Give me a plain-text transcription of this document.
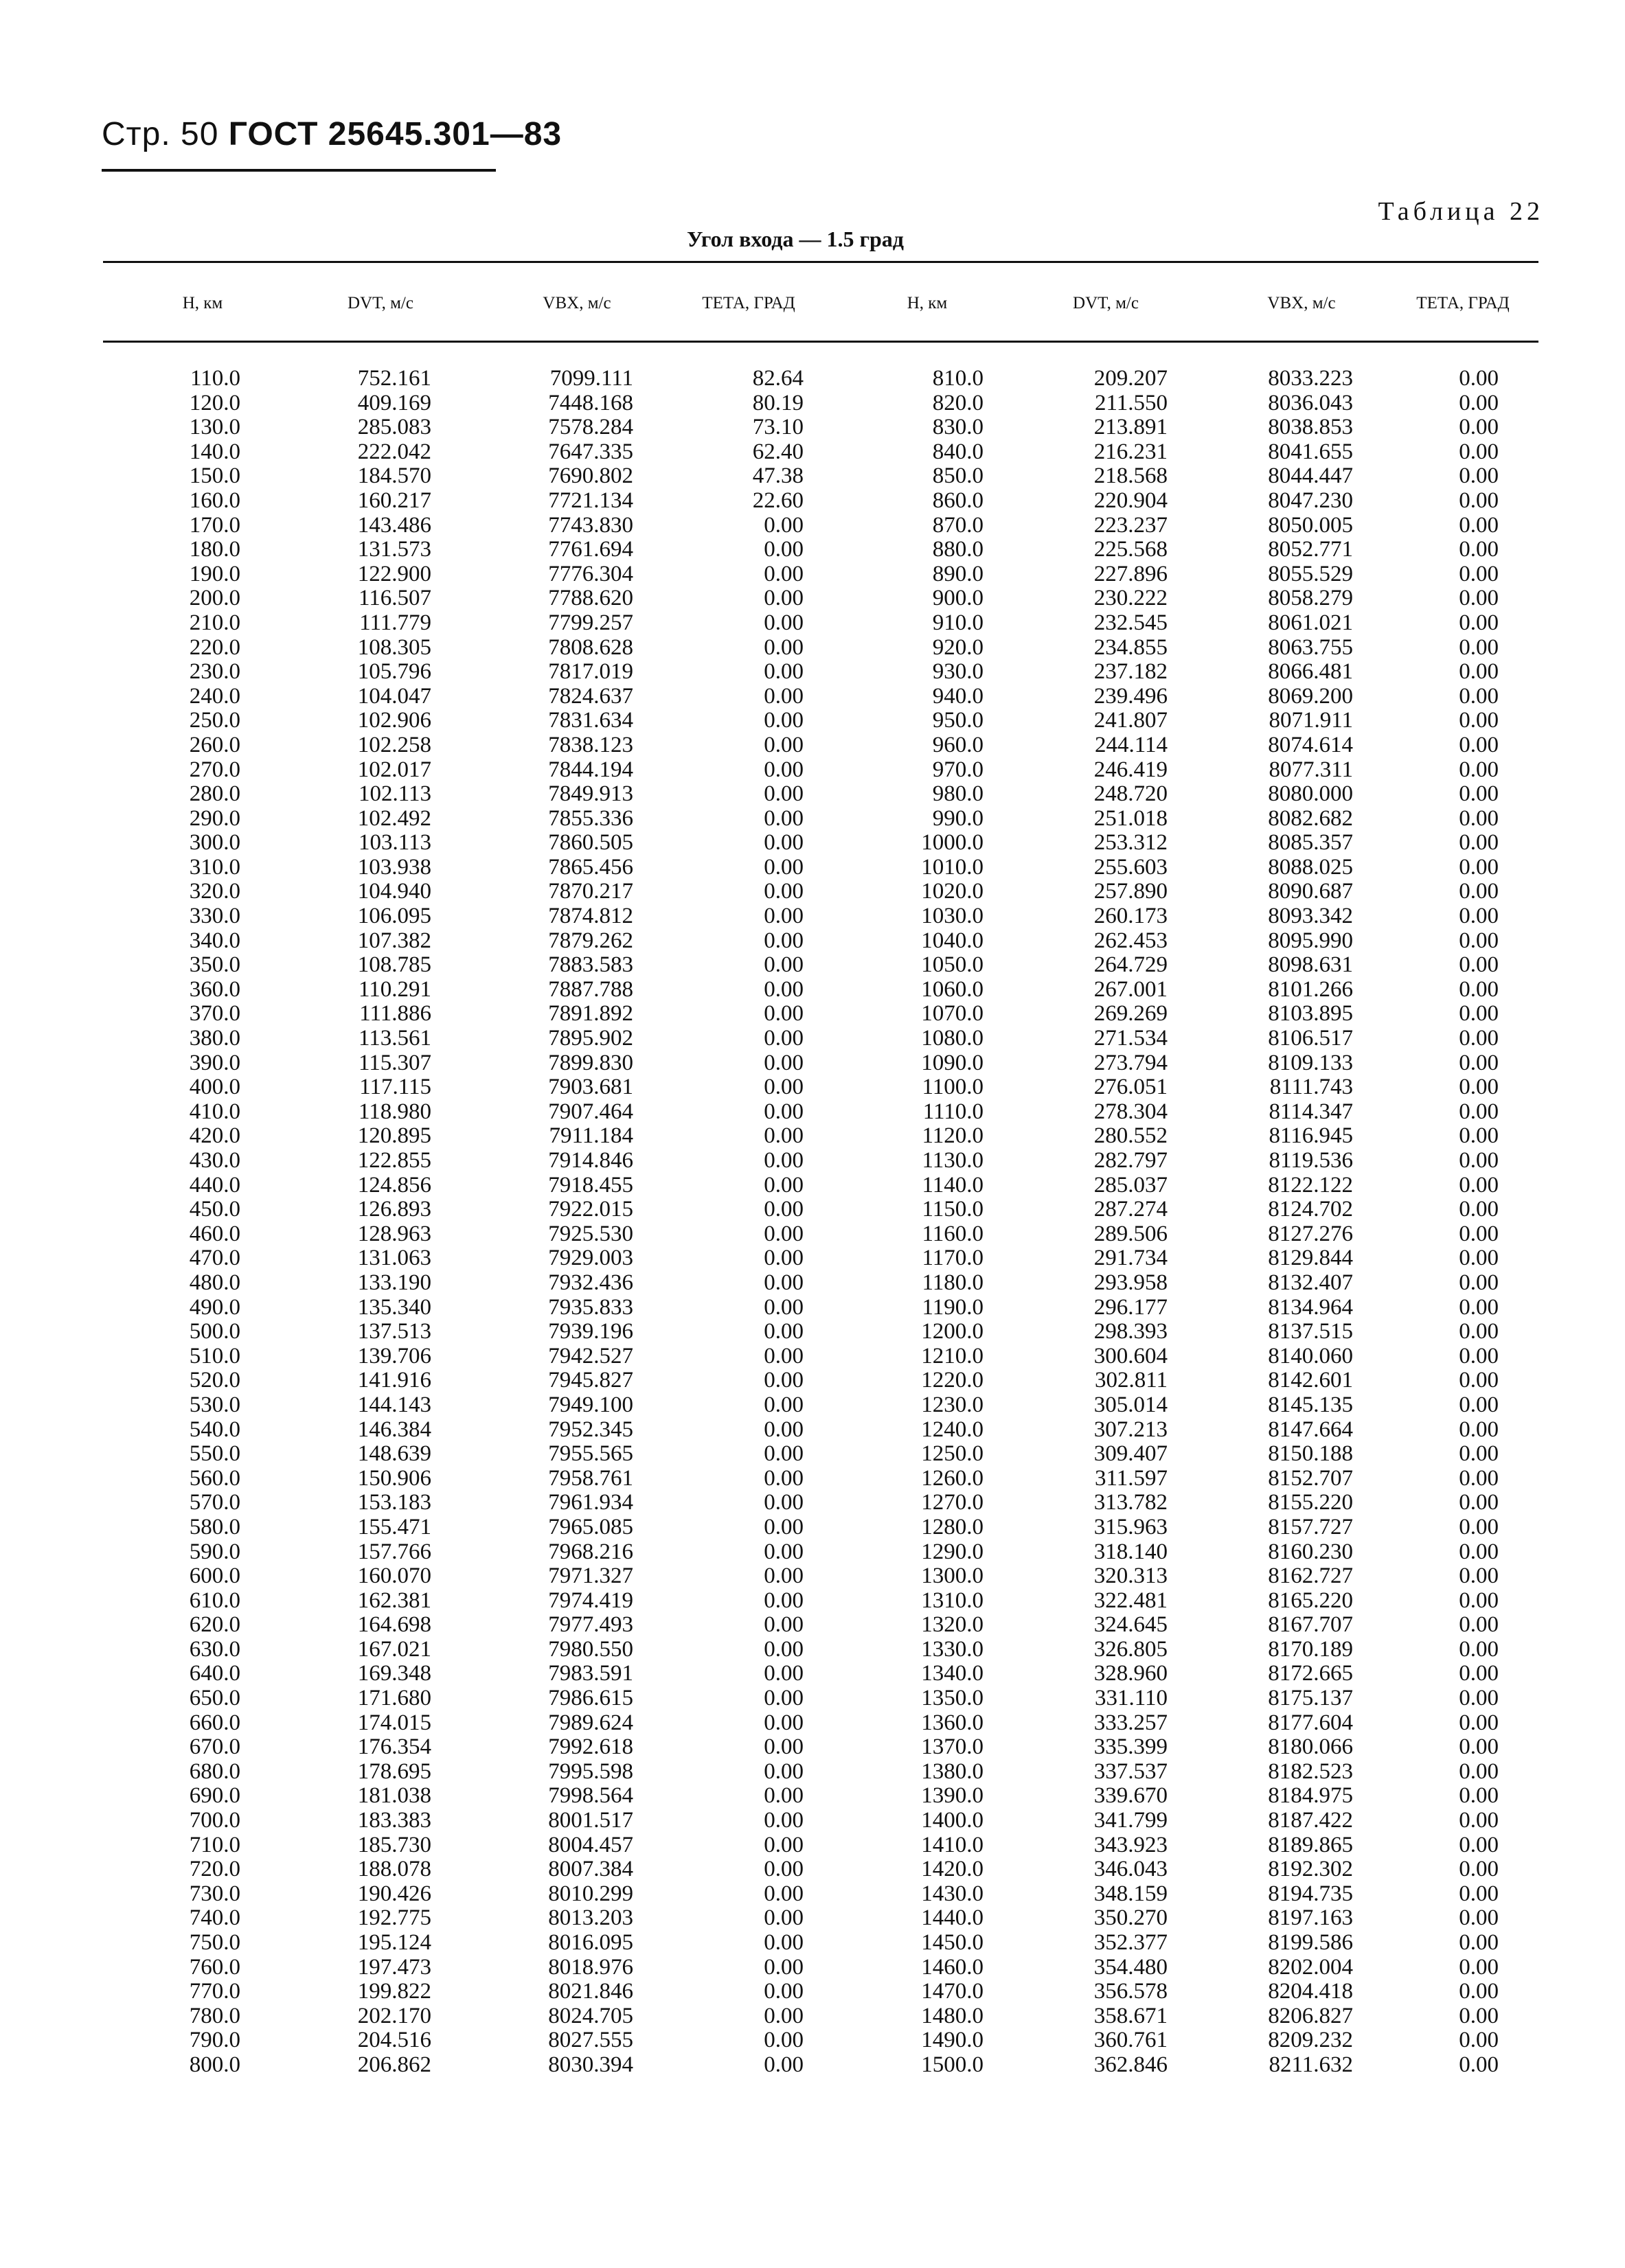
Стр. 50 ГОСТ 25645.301—83
Таблица 22
Угол входа — 1.5 град
H, км	DVT, м/с	VBX, м/с	ТЕТА, ГРАД	H, км	DVT, м/с	VBX, м/с	ТЕТА, ГРАД
110.0	752.161	7099.111	82.64	810.0	209.207	8033.223	0.00
120.0	409.169	7448.168	80.19	820.0	211.550	8036.043	0.00
130.0	285.083	7578.284	73.10	830.0	213.891	8038.853	0.00
140.0	222.042	7647.335	62.40	840.0	216.231	8041.655	0.00
150.0	184.570	7690.802	47.38	850.0	218.568	8044.447	0.00
160.0	160.217	7721.134	22.60	860.0	220.904	8047.230	0.00
170.0	143.486	7743.830	0.00	870.0	223.237	8050.005	0.00
180.0	131.573	7761.694	0.00	880.0	225.568	8052.771	0.00
190.0	122.900	7776.304	0.00	890.0	227.896	8055.529	0.00
200.0	116.507	7788.620	0.00	900.0	230.222	8058.279	0.00
210.0	111.779	7799.257	0.00	910.0	232.545	8061.021	0.00
220.0	108.305	7808.628	0.00	920.0	234.855	8063.755	0.00
230.0	105.796	7817.019	0.00	930.0	237.182	8066.481	0.00
240.0	104.047	7824.637	0.00	940.0	239.496	8069.200	0.00
250.0	102.906	7831.634	0.00	950.0	241.807	8071.911	0.00
260.0	102.258	7838.123	0.00	960.0	244.114	8074.614	0.00
270.0	102.017	7844.194	0.00	970.0	246.419	8077.311	0.00
280.0	102.113	7849.913	0.00	980.0	248.720	8080.000	0.00
290.0	102.492	7855.336	0.00	990.0	251.018	8082.682	0.00
300.0	103.113	7860.505	0.00	1000.0	253.312	8085.357	0.00
310.0	103.938	7865.456	0.00	1010.0	255.603	8088.025	0.00
320.0	104.940	7870.217	0.00	1020.0	257.890	8090.687	0.00
330.0	106.095	7874.812	0.00	1030.0	260.173	8093.342	0.00
340.0	107.382	7879.262	0.00	1040.0	262.453	8095.990	0.00
350.0	108.785	7883.583	0.00	1050.0	264.729	8098.631	0.00
360.0	110.291	7887.788	0.00	1060.0	267.001	8101.266	0.00
370.0	111.886	7891.892	0.00	1070.0	269.269	8103.895	0.00
380.0	113.561	7895.902	0.00	1080.0	271.534	8106.517	0.00
390.0	115.307	7899.830	0.00	1090.0	273.794	8109.133	0.00
400.0	117.115	7903.681	0.00	1100.0	276.051	8111.743	0.00
410.0	118.980	7907.464	0.00	1110.0	278.304	8114.347	0.00
420.0	120.895	7911.184	0.00	1120.0	280.552	8116.945	0.00
430.0	122.855	7914.846	0.00	1130.0	282.797	8119.536	0.00
440.0	124.856	7918.455	0.00	1140.0	285.037	8122.122	0.00
450.0	126.893	7922.015	0.00	1150.0	287.274	8124.702	0.00
460.0	128.963	7925.530	0.00	1160.0	289.506	8127.276	0.00
470.0	131.063	7929.003	0.00	1170.0	291.734	8129.844	0.00
480.0	133.190	7932.436	0.00	1180.0	293.958	8132.407	0.00
490.0	135.340	7935.833	0.00	1190.0	296.177	8134.964	0.00
500.0	137.513	7939.196	0.00	1200.0	298.393	8137.515	0.00
510.0	139.706	7942.527	0.00	1210.0	300.604	8140.060	0.00
520.0	141.916	7945.827	0.00	1220.0	302.811	8142.601	0.00
530.0	144.143	7949.100	0.00	1230.0	305.014	8145.135	0.00
540.0	146.384	7952.345	0.00	1240.0	307.213	8147.664	0.00
550.0	148.639	7955.565	0.00	1250.0	309.407	8150.188	0.00
560.0	150.906	7958.761	0.00	1260.0	311.597	8152.707	0.00
570.0	153.183	7961.934	0.00	1270.0	313.782	8155.220	0.00
580.0	155.471	7965.085	0.00	1280.0	315.963	8157.727	0.00
590.0	157.766	7968.216	0.00	1290.0	318.140	8160.230	0.00
600.0	160.070	7971.327	0.00	1300.0	320.313	8162.727	0.00
610.0	162.381	7974.419	0.00	1310.0	322.481	8165.220	0.00
620.0	164.698	7977.493	0.00	1320.0	324.645	8167.707	0.00
630.0	167.021	7980.550	0.00	1330.0	326.805	8170.189	0.00
640.0	169.348	7983.591	0.00	1340.0	328.960	8172.665	0.00
650.0	171.680	7986.615	0.00	1350.0	331.110	8175.137	0.00
660.0	174.015	7989.624	0.00	1360.0	333.257	8177.604	0.00
670.0	176.354	7992.618	0.00	1370.0	335.399	8180.066	0.00
680.0	178.695	7995.598	0.00	1380.0	337.537	8182.523	0.00
690.0	181.038	7998.564	0.00	1390.0	339.670	8184.975	0.00
700.0	183.383	8001.517	0.00	1400.0	341.799	8187.422	0.00
710.0	185.730	8004.457	0.00	1410.0	343.923	8189.865	0.00
720.0	188.078	8007.384	0.00	1420.0	346.043	8192.302	0.00
730.0	190.426	8010.299	0.00	1430.0	348.159	8194.735	0.00
740.0	192.775	8013.203	0.00	1440.0	350.270	8197.163	0.00
750.0	195.124	8016.095	0.00	1450.0	352.377	8199.586	0.00
760.0	197.473	8018.976	0.00	1460.0	354.480	8202.004	0.00
770.0	199.822	8021.846	0.00	1470.0	356.578	8204.418	0.00
780.0	202.170	8024.705	0.00	1480.0	358.671	8206.827	0.00
790.0	204.516	8027.555	0.00	1490.0	360.761	8209.232	0.00
800.0	206.862	8030.394	0.00	1500.0	362.846	8211.632	0.00
